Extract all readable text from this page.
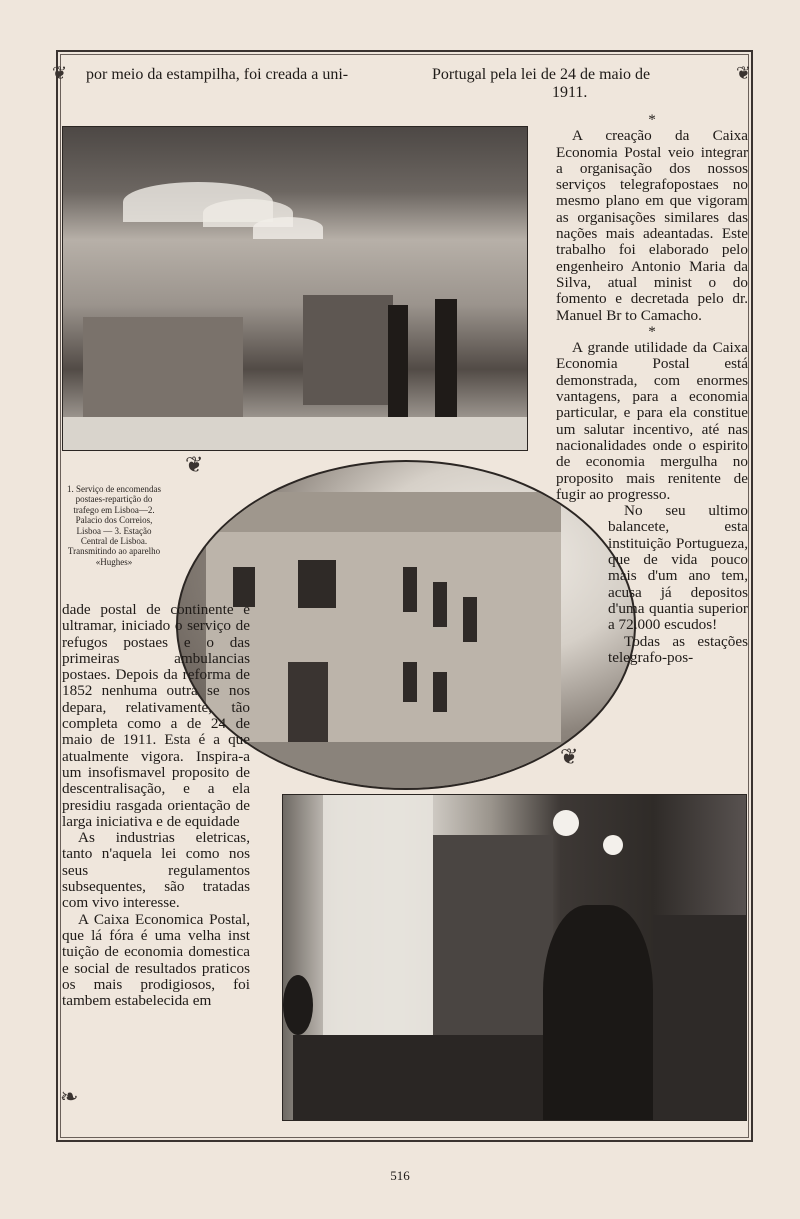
❦	❦
❧
❦
por meio da estampilha, foi creada a uni-	Portugal pela lei de 24 de maio de
1911.
1. Serviço de encomendas postaes-repartição do trafego em Lisboa—2. Palacio dos Correios, Lisboa — 3. Estação Central de Lisboa. Transmitindo ao aparelho «Hughes»

*

A creação da Caixa Economia Postal veio integrar a organisação dos nossos serviços telegrafopostaes no mesmo plano em que vigoram as organisações similares das nações mais adeantadas. Este trabalho foi elaborado pelo engenheiro Antonio Maria da Silva, atual minist o do fomento e decretada pelo dr. Manuel Br to Camacho.

*

A grande utilidade da Caixa Economia Postal está demonstrada, com enormes vantagens, para a economia particular, e para ela constitue um salutar incentivo, até nas nacionalidades onde o espirito de economia mergulha no proposito mais renitente de fugir ao progresso.

No seu ultimo balancete, esta instituição Portugueza, que de vida pouco mais d'um ano tem, acusa já depositos d'uma quantia superior a 72.000 escudos!

Todas as estações telegrafo-pos-

dade postal de continente e ultramar, iniciado o serviço de refugos postaes e o das primeiras ambulancias postaes. Depois da reforma de 1852 nenhuma outra se nos depara, relativamente, tão completa como a de 24 de maio de 1911. Esta é a que atualmente vigora. Inspira-a um insofismavel proposito de descentralisação, e a ela presidiu rasgada orientação de larga iniciativa e de equidade

As industrias eletricas, tanto n'aquela lei como nos seus regulamentos subsequentes, são tratadas com vivo interesse.

A Caixa Economica Postal, que lá fóra é uma velha inst tuição de economia domestica e social de resultados praticos os mais prodigiosos, foi tambem estabelecida em

516
